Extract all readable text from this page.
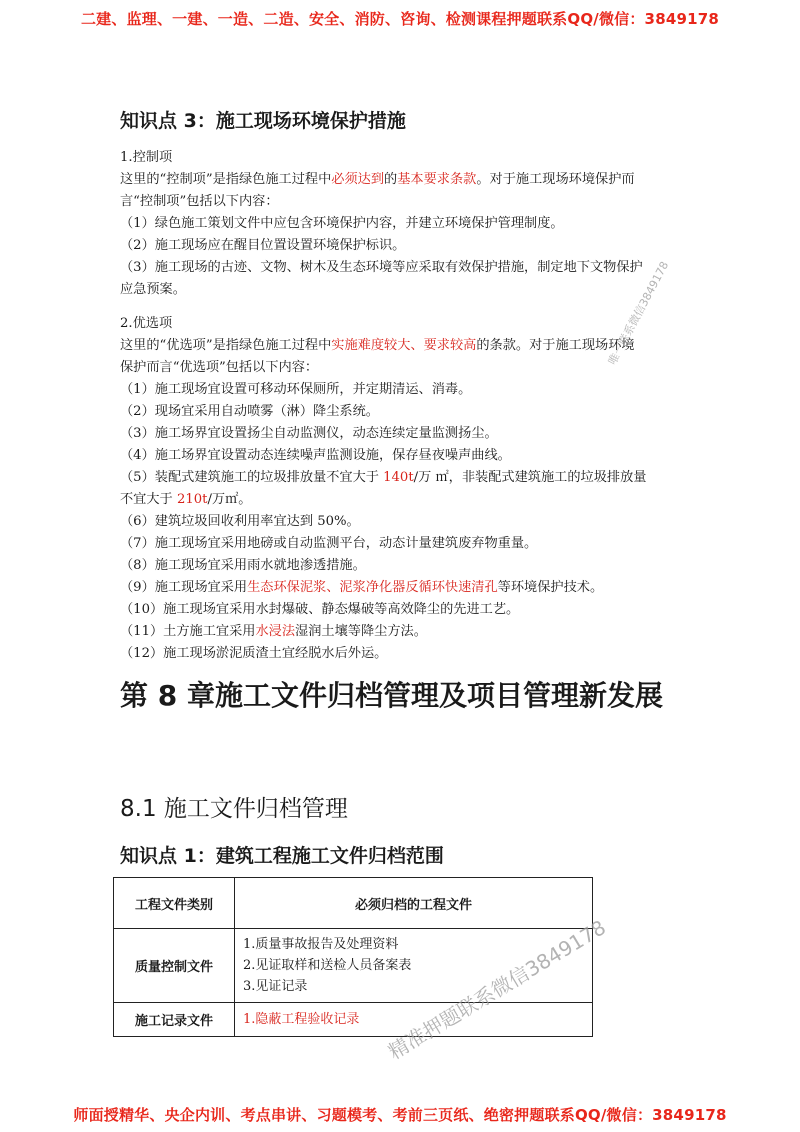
二建、监理、一建、一造、二造、安全、消防、咨询、检测课程押题联系QQ/微信：3849178
知识点 3：施工现场环境保护措施

1.控制项

这里的“控制项”是指绿色施工过程中必须达到的基本要求条款。对于施工现场环境保护而

言“控制项”包括以下内容：

（1）绿色施工策划文件中应包含环境保护内容，并建立环境保护管理制度。

（2）施工现场应在醒目位置设置环境保护标识。

（3）施工现场的古迹、文物、树木及生态环境等应采取有效保护措施，制定地下文物保护

应急预案。

2.优选项

这里的“优选项”是指绿色施工过程中实施难度较大、要求较高的条款。对于施工现场环境

保护而言“优选项”包括以下内容：

（1）施工现场宜设置可移动环保厕所，并定期清运、消毒。

（2）现场宜采用自动喷雾（淋）降尘系统。

（3）施工场界宜设置扬尘自动监测仪，动态连续定量监测扬尘。

（4）施工场界宜设置动态连续噪声监测设施，保存昼夜噪声曲线。

（5）装配式建筑施工的垃圾排放量不宜大于 140t/万 ㎡，非装配式建筑施工的垃圾排放量

不宜大于 210t/万㎡。

（6）建筑垃圾回收利用率宜达到 50%。

（7）施工现场宜采用地磅或自动监测平台，动态计量建筑废弃物重量。

（8）施工现场宜采用雨水就地渗透措施。

（9）施工现场宜采用生态环保泥浆、泥浆净化器反循环快速清孔等环境保护技术。

（10）施工现场宜采用水封爆破、静态爆破等高效降尘的先进工艺。

（11）土方施工宜采用水浸法湿润土壤等降尘方法。

（12）施工现场淤泥质渣土宜经脱水后外运。

第 8 章施工文件归档管理及项目管理新发展
8.1 施工文件归档管理
知识点 1：建筑工程施工文件归档范围
工程文件类别	必须归档的工程文件
质量控制文件	1.质量事故报告及处理资料
2.见证取样和送检人员备案表
3.见证记录

施工记录文件	1.隐蔽工程验收记录
唯一联系微信3849178
精准押题联系微信3849178
师面授精华、央企内训、考点串讲、习题模考、考前三页纸、绝密押题联系QQ/微信：3849178
